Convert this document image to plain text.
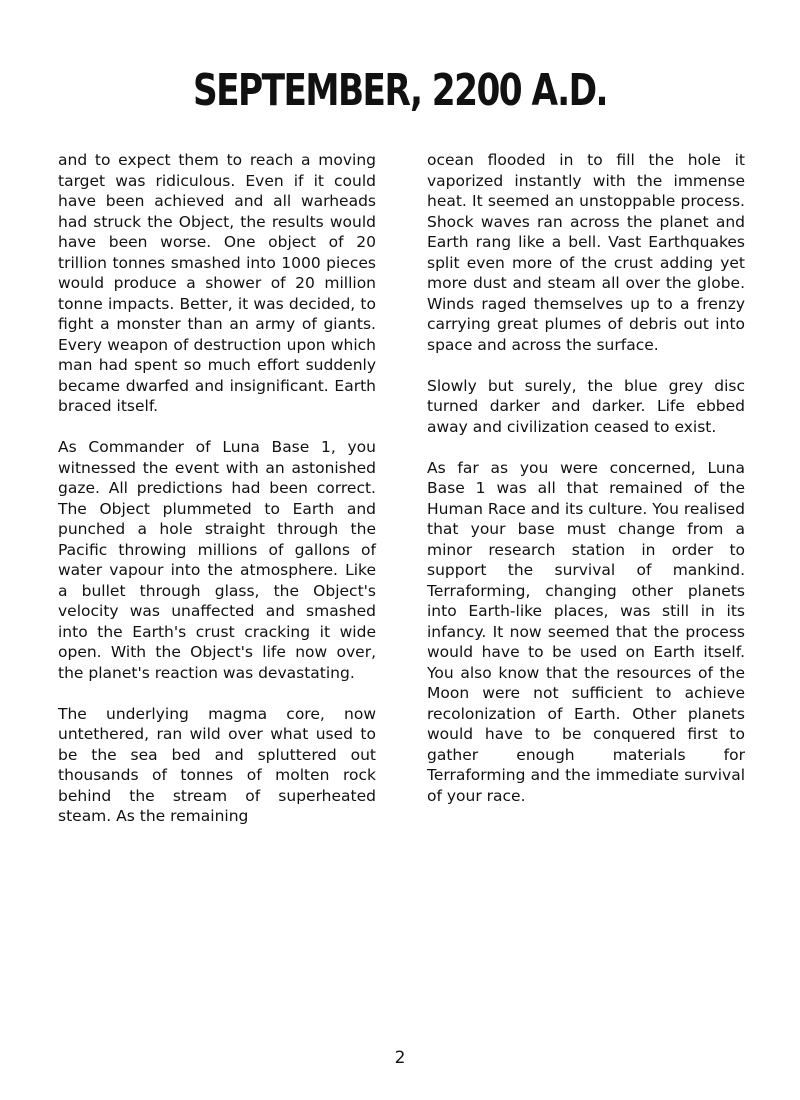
SEPTEMBER, 2200 A.D.

and to expect them to reach a moving target was ridiculous. Even if it could have been achieved and all warheads had struck the Object, the results would have been worse. One object of 20 trillion tonnes smashed into 1000 pieces would produce a shower of 20 million tonne impacts. Better, it was decided, to fight a monster than an army of giants. Every weapon of destruction upon which man had spent so much effort suddenly became dwarfed and insignificant. Earth braced itself.

As Commander of Luna Base 1, you witnessed the event with an astonished gaze. All predictions had been correct. The Object plummeted to Earth and punched a hole straight through the Pacific throwing millions of gallons of water vapour into the atmosphere. Like a bullet through glass, the Object's velocity was unaffected and smashed into the Earth's crust cracking it wide open. With the Object's life now over, the planet's reaction was devastating.

The underlying magma core, now untethered, ran wild over what used to be the sea bed and spluttered out thousands of tonnes of molten rock behind the stream of superheated steam. As the remaining

ocean flooded in to fill the hole it vaporized instantly with the immense heat. It seemed an unstoppable process. Shock waves ran across the planet and Earth rang like a bell. Vast Earthquakes split even more of the crust adding yet more dust and steam all over the globe. Winds raged themselves up to a frenzy carrying great plumes of debris out into space and across the surface.

Slowly but surely, the blue grey disc turned darker and darker. Life ebbed away and civilization ceased to exist.

As far as you were concerned, Luna Base 1 was all that remained of the Human Race and its culture. You realised that your base must change from a minor research station in order to support the survival of mankind. Terraforming, changing other planets into Earth-like places, was still in its infancy. It now seemed that the process would have to be used on Earth itself. You also know that the resources of the Moon were not sufficient to achieve recolonization of Earth. Other planets would have to be conquered first to gather enough materials for Terraforming and the immediate survival of your race.

2
